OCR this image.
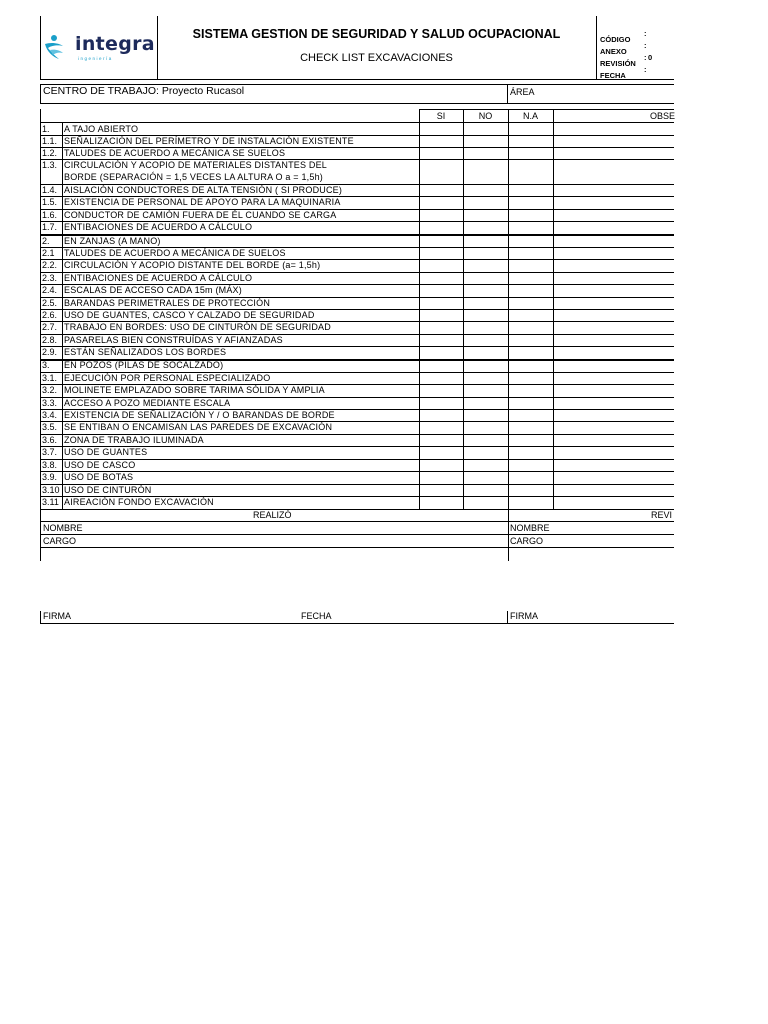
integra
ingeniería
SISTEMA GESTION DE SEGURIDAD Y SALUD OCUPACIONAL
CHECK LIST EXCAVACIONES
CÓDIGO
:
ANEXO
:
REVISIÓN
: 0
FECHA
:
CENTRO DE TRABAJO: Proyecto Rucasol	ÁREA
SI	NO	N.A	OBSE
1. A TAJO ABIERTO
1.1. SEÑALIZACIÓN DEL PERÍMETRO Y DE INSTALACIÓN EXISTENTE
1.2. TALUDES DE ACUERDO A MECÁNICA SE SUELOS
1.3. CIRCULACIÓN Y ACOPIO DE MATERIALES DISTANTES DEL
BORDE (SEPARACIÓN = 1,5 VECES LA ALTURA O a = 1,5h)
1.4. AISLACIÓN CONDUCTORES DE ALTA TENSIÓN ( SI PRODUCE)
1.5. EXISTENCIA DE PERSONAL DE APOYO PARA LA MAQUINARIA
1.6. CONDUCTOR DE CAMIÓN FUERA DE ÉL CUANDO SE CARGA
1.7. ENTIBACIONES DE ACUERDO A CÁLCULO
2. EN ZANJAS (A MANO)
2.1 TALUDES DE ACUERDO A MECÁNICA DE SUELOS
2.2. CIRCULACIÓN Y ACOPIO DISTANTE DEL BORDE (a= 1,5h)
2.3. ENTIBACIONES DE ACUERDO A CÁLCULO
2.4. ESCALAS DE ACCESO CADA 15m (MÁX)
2.5. BARANDAS PERIMETRALES DE PROTECCIÓN
2.6. USO DE GUANTES, CASCO Y CALZADO DE SEGURIDAD
2.7. TRABAJO EN BORDES: USO DE CINTURÓN DE SEGURIDAD
2.8. PASARELAS BIEN CONSTRUÍDAS Y AFIANZADAS
2.9. ESTÁN SEÑALIZADOS LOS BORDES
3. EN POZOS (PILAS DE SOCALZADO)
3.1. EJECUCIÓN POR PERSONAL ESPECIALIZADO
3.2. MOLINETE EMPLAZADO SOBRE TARIMA SÓLIDA Y AMPLIA
3.3. ACCESO A POZO MEDIANTE ESCALA
3.4. EXISTENCIA DE SEÑALIZACIÓN Y / O BARANDAS DE BORDE
3.5. SE ENTIBAN O ENCAMISAN LAS PAREDES DE EXCAVACIÓN
3.6. ZONA DE TRABAJO ILUMINADA
3.7. USO DE GUANTES
3.8. USO DE CASCO
3.9. USO DE BOTAS
3.10 USO DE CINTURÓN
3.11 AIREACIÓN FONDO EXCAVACIÓN
REALIZÓ	REVI
NOMBRE	NOMBRE
CARGO	CARGO
FIRMA	FECHA	FIRMA
